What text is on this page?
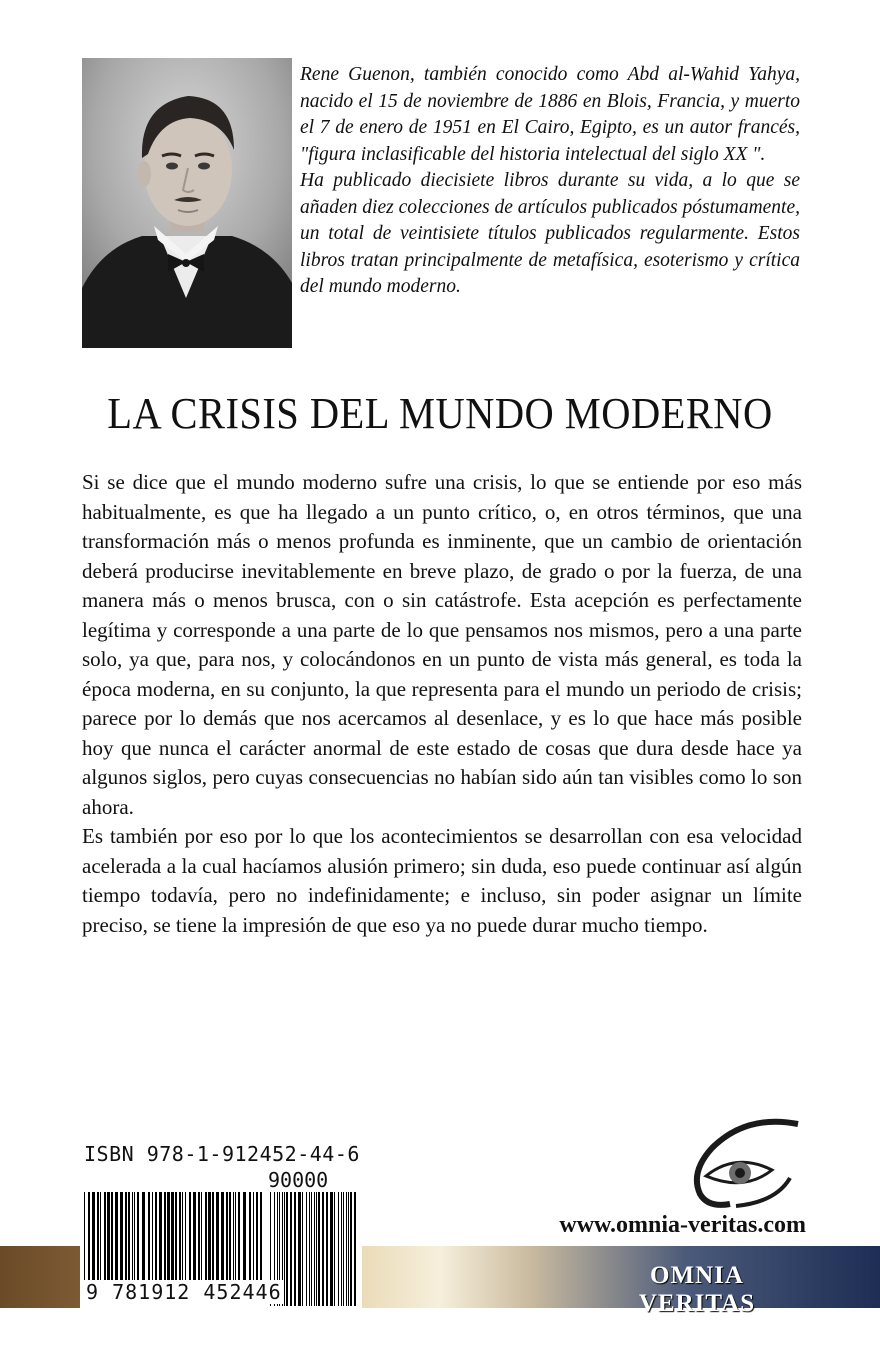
Rene Guenon, también conocido como Abd al-Wahid Yahya, nacido el 15 de noviembre de 1886 en Blois, Francia, y muerto el 7 de enero de 1951 en El Cairo, Egipto, es un autor francés, "figura inclasificable del historia intelectual del siglo XX ".

Ha publicado diecisiete libros durante su vida, a lo que se añaden diez colecciones de artículos publicados póstumamente, un total de veintisiete títulos publicados regularmente. Estos libros tratan principalmente de metafísica, esoterismo y crítica del mundo moderno.

LA CRISIS DEL MUNDO MODERNO

Si se dice que el mundo moderno sufre una crisis, lo que se entiende por eso más habitualmente, es que ha llegado a un punto crítico, o, en otros términos, que una transformación más o menos profunda es inminente, que un cambio de orientación deberá producirse inevitablemente en breve plazo, de grado o por la fuerza, de una manera más o menos brusca, con o sin catástrofe. Esta acepción es perfectamente legítima y corresponde a una parte de lo que pensamos nos mismos, pero a una parte solo, ya que, para nos, y colocándonos en un punto de vista más general, es toda la época moderna, en su conjunto, la que representa para el mundo un periodo de crisis; parece por lo demás que nos acercamos al desenlace, y es lo que hace más posible hoy que nunca el carácter anormal de este estado de cosas que dura desde hace ya algunos siglos, pero cuyas consecuencias no habían sido aún tan visibles como lo son ahora.

Es también por eso por lo que los acontecimientos se desarrollan con esa velocidad acelerada a la cual hacíamos alusión primero; sin duda, eso puede continuar así algún tiempo todavía, pero no indefinidamente; e incluso, sin poder asignar un límite preciso, se tiene la impresión de que eso ya no puede durar mucho tiempo.

ISBN 978-1-912452-44-6
90000
9 781912 452446
www.omnia-veritas.com
OMNIA VERITAS
